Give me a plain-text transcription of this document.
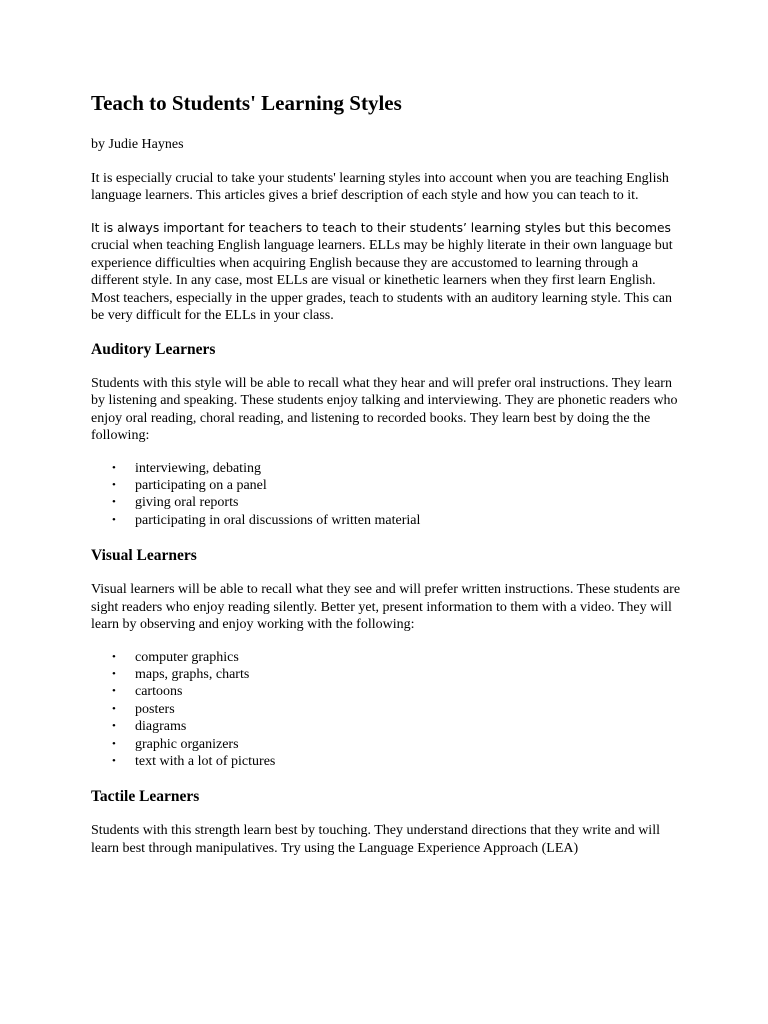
Teach to Students' Learning Styles

by Judie Haynes

It is especially crucial to take your students' learning styles into account when you are teaching English language learners. This articles gives a brief description of each style and how you can teach to it.

It is always important for teachers to teach to their students’ learning styles but this becomes crucial when teaching English language learners. ELLs may be highly literate in their own language but experience difficulties when acquiring English because they are accustomed to learning through a different style. In any case, most ELLs are visual or kinethetic learners when they first learn English. Most teachers, especially in the upper grades, teach to students with an auditory learning style. This can be very difficult for the ELLs in your class.

Auditory Learners

Students with this style will be able to recall what they hear and will prefer oral instructions. They learn by listening and speaking. These students enjoy talking and interviewing. They are phonetic readers who enjoy oral reading, choral reading, and listening to recorded books. They learn best by doing the the following:

• interviewing, debating
• participating on a panel
• giving oral reports
• participating in oral discussions of written material
Visual Learners

Visual learners will be able to recall what they see and will prefer written instructions. These students are sight readers who enjoy reading silently. Better yet, present information to them with a video. They will learn by observing and enjoy working with the following:

• computer graphics
• maps, graphs, charts
• cartoons
• posters
• diagrams
• graphic organizers
• text with a lot of pictures
Tactile Learners

Students with this strength learn best by touching. They understand directions that they write and will learn best through manipulatives. Try using the Language Experience Approach (LEA)
